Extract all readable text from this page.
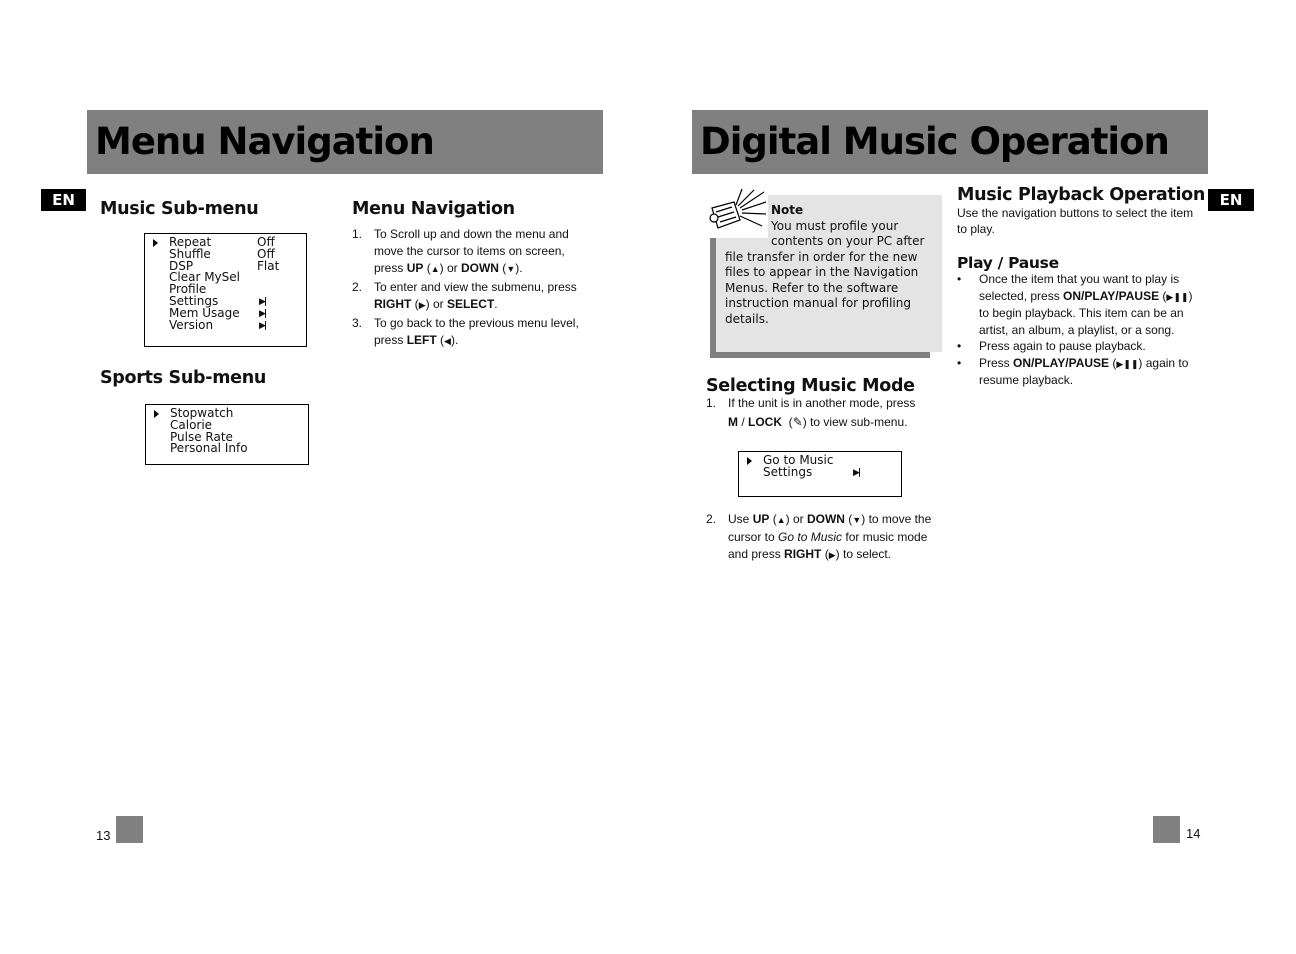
Menu Navigation
EN	Music Sub-menu
Repeat	Off
Shuffle	Off
DSP	Flat
Clear MySel
Profile
Settings	▶|
Mem Usage ▶|
Version	▶|
Sports Sub-menu
Stopwatch
Calorie
Pulse Rate
Personal Info
Menu Navigation
1. To Scroll up and down the menu and move the cursor to items on screen, press UP (▲) or DOWN (▼).
2. To enter and view the submenu, press RIGHT (▶) or SELECT.
3. To go back to the previous menu level, press LEFT (◀).
13
Digital Music Operation
EN
Note
You must profile your
contents on your PC after
file transfer in order for the new files to appear in the Navigation Menus. Refer to the software instruction manual for profiling details.
Selecting Music Mode
1. If the unit is in another mode, press
M / LOCK  (✎) to view sub-menu.
Go to Music
Settings	▶|
2. Use UP (▲) or DOWN (▼) to move the cursor to Go to Music for music mode and press RIGHT (▶) to select.
Music Playback Operation
Use the navigation buttons to select the item to play.
Play / Pause
• Once the item that you want to play is selected, press ON/PLAY/PAUSE (▶❚❚) to begin playback. This item can be an artist, an album, a playlist, or a song.
• Press again to pause playback.
• Press ON/PLAY/PAUSE (▶❚❚) again to resume playback.
14
